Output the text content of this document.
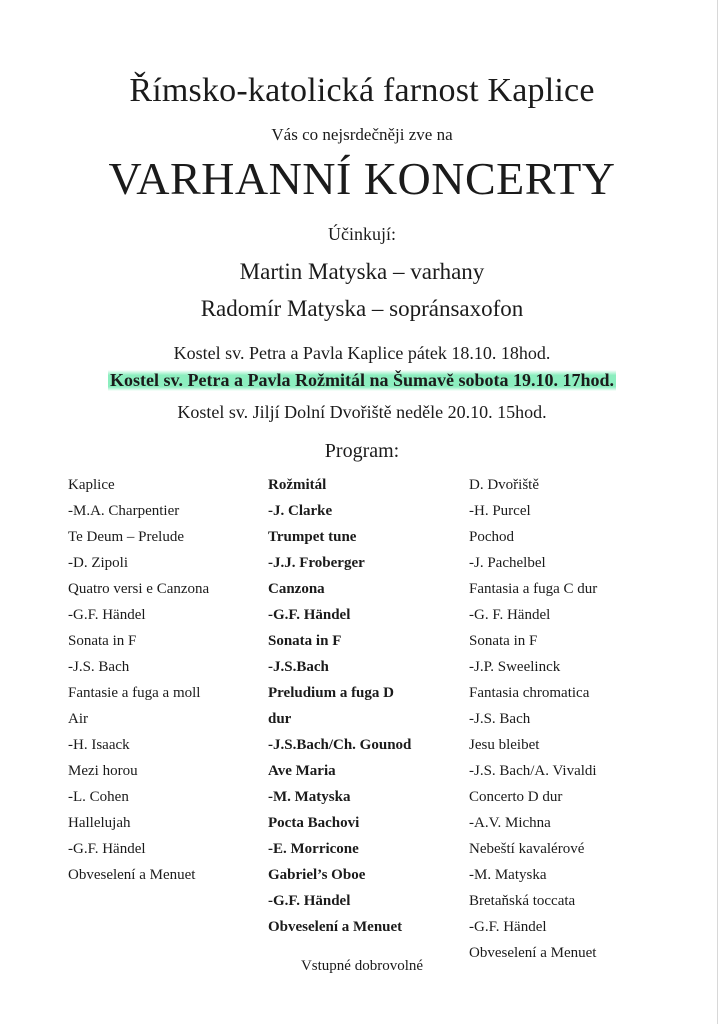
Římsko-katolická farnost Kaplice
Vás co nejsrdečněji zve na
VARHANNÍ KONCERTY
Účinkují:
Martin Matyska – varhany
Radomír Matyska – sopránsaxofon
Kostel sv. Petra a Pavla Kaplice pátek 18.10. 18hod.
Kostel sv. Petra a Pavla Rožmitál na Šumavě sobota 19.10. 17hod.
Kostel sv. Jiljí Dolní Dvořiště neděle 20.10. 15hod.
Program:
Kaplice
-M.A. Charpentier
Te Deum – Prelude
-D. Zipoli
Quatro versi e Canzona
-G.F. Händel
Sonata in F
-J.S. Bach
Fantasie a fuga a moll
Air
-H. Isaack
Mezi horou
-L. Cohen
Hallelujah
-G.F. Händel
Obveselení a Menuet
Rožmitál
-J. Clarke
Trumpet tune
-J.J. Froberger
Canzona
-G.F. Händel
Sonata in F
-J.S.Bach
Preludium a fuga D
dur
-J.S.Bach/Ch. Gounod
Ave Maria
-M. Matyska
Pocta Bachovi
-E. Morricone
Gabriel’s Oboe
-G.F. Händel
Obveselení a Menuet
D. Dvořiště
-H. Purcel
Pochod
-J. Pachelbel
Fantasia a fuga C dur
-G. F. Händel
Sonata in F
-J.P. Sweelinck
Fantasia chromatica
-J.S. Bach
Jesu bleibet
-J.S. Bach/A. Vivaldi
Concerto D dur
-A.V. Michna
Nebeští kavalérové
-M. Matyska
Bretaňská toccata
-G.F. Händel
Obveselení a Menuet
Vstupné dobrovolné
